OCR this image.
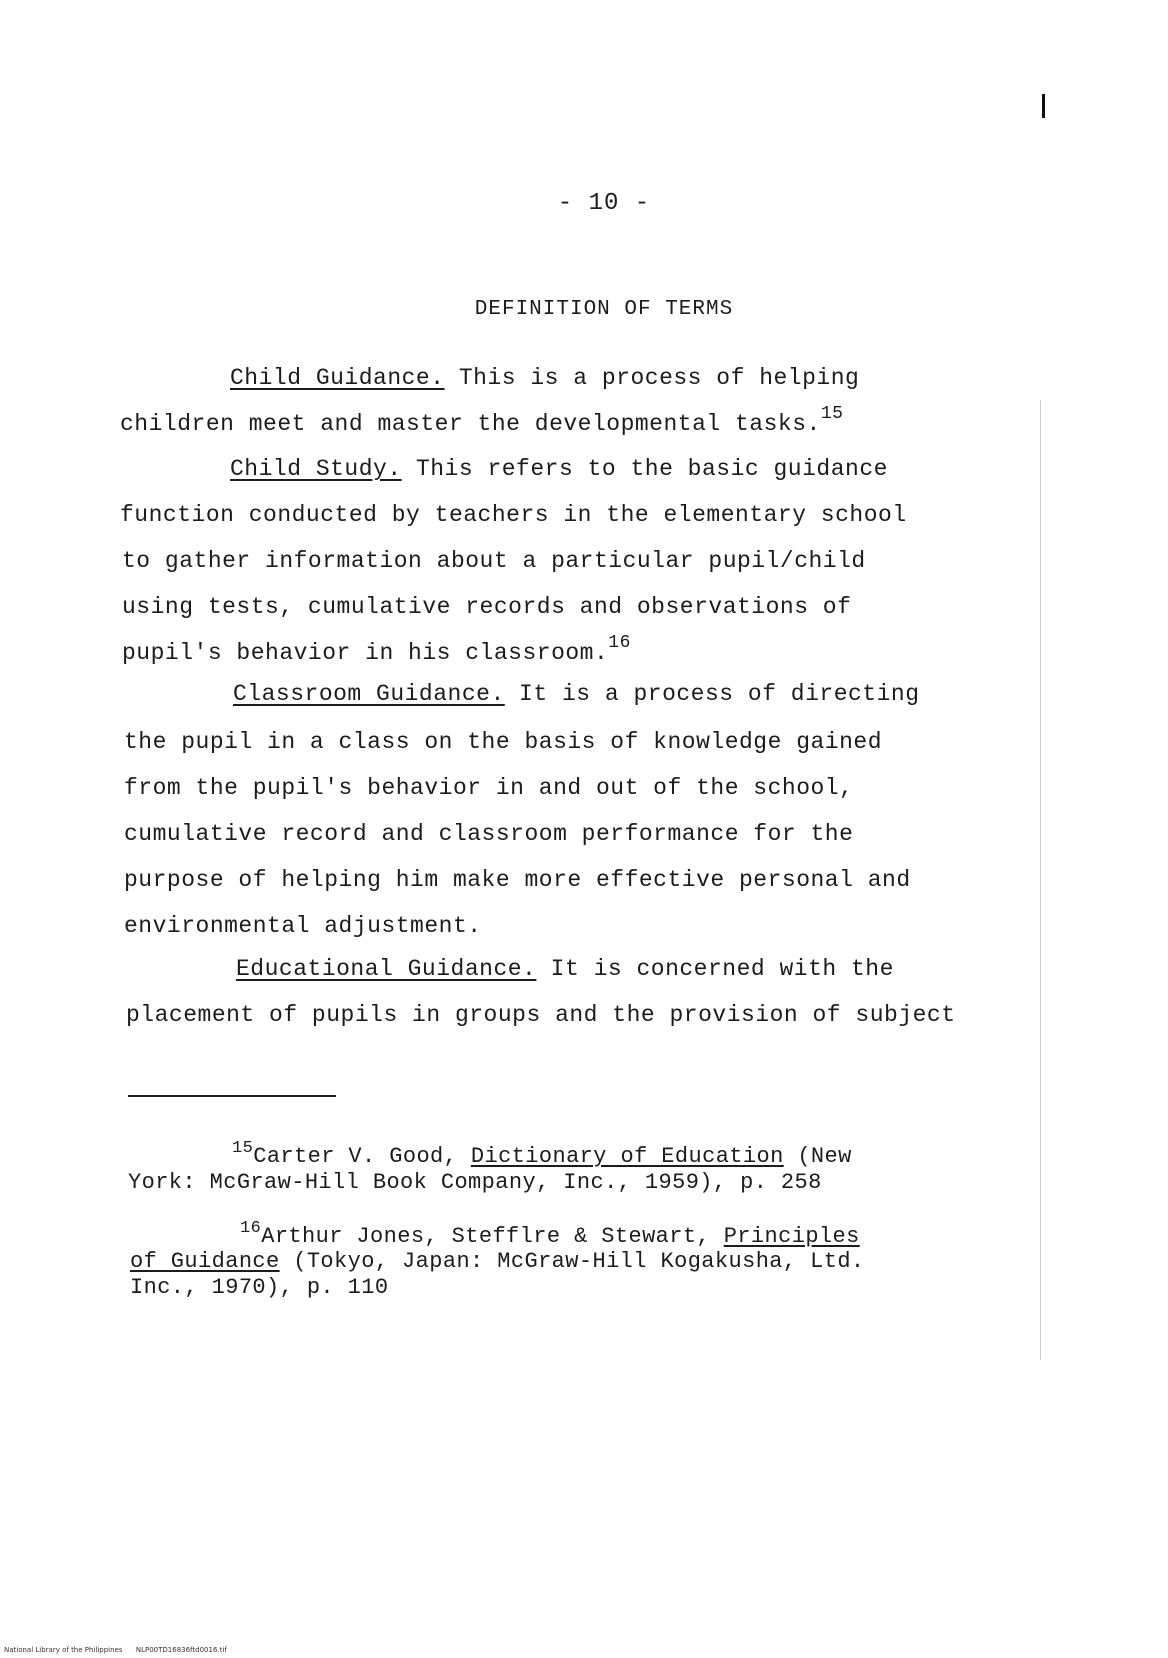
- 10 -
DEFINITION OF TERMS
Child Guidance. This is a process of helping
children meet and master the developmental tasks.$^{15}$
Child Study. This refers to the basic guidance
function conducted by teachers in the elementary school
to gather information about a particular pupil/child
using tests, cumulative records and observations of
pupil's behavior in his classroom.$^{16}$
Classroom Guidance. It is a process of directing
the pupil in a class on the basis of knowledge gained
from the pupil's behavior in and out of the school,
cumulative record and classroom performance for the
purpose of helping him make more effective personal and
environmental adjustment.
Educational Guidance. It is concerned with the
placement of pupils in groups and the provision of subject
$^{15}$Carter V. Good, Dictionary of Education (New
York: McGraw-Hill Book Company, Inc., 1959), p. 258
$^{16}$Arthur Jones, Stefflre & Stewart, Principles
of Guidance (Tokyo, Japan: McGraw-Hill Kogakusha, Ltd.
Inc., 1970), p. 110
National Library of the Philippines NLP00TD16836ftd0016.tif
